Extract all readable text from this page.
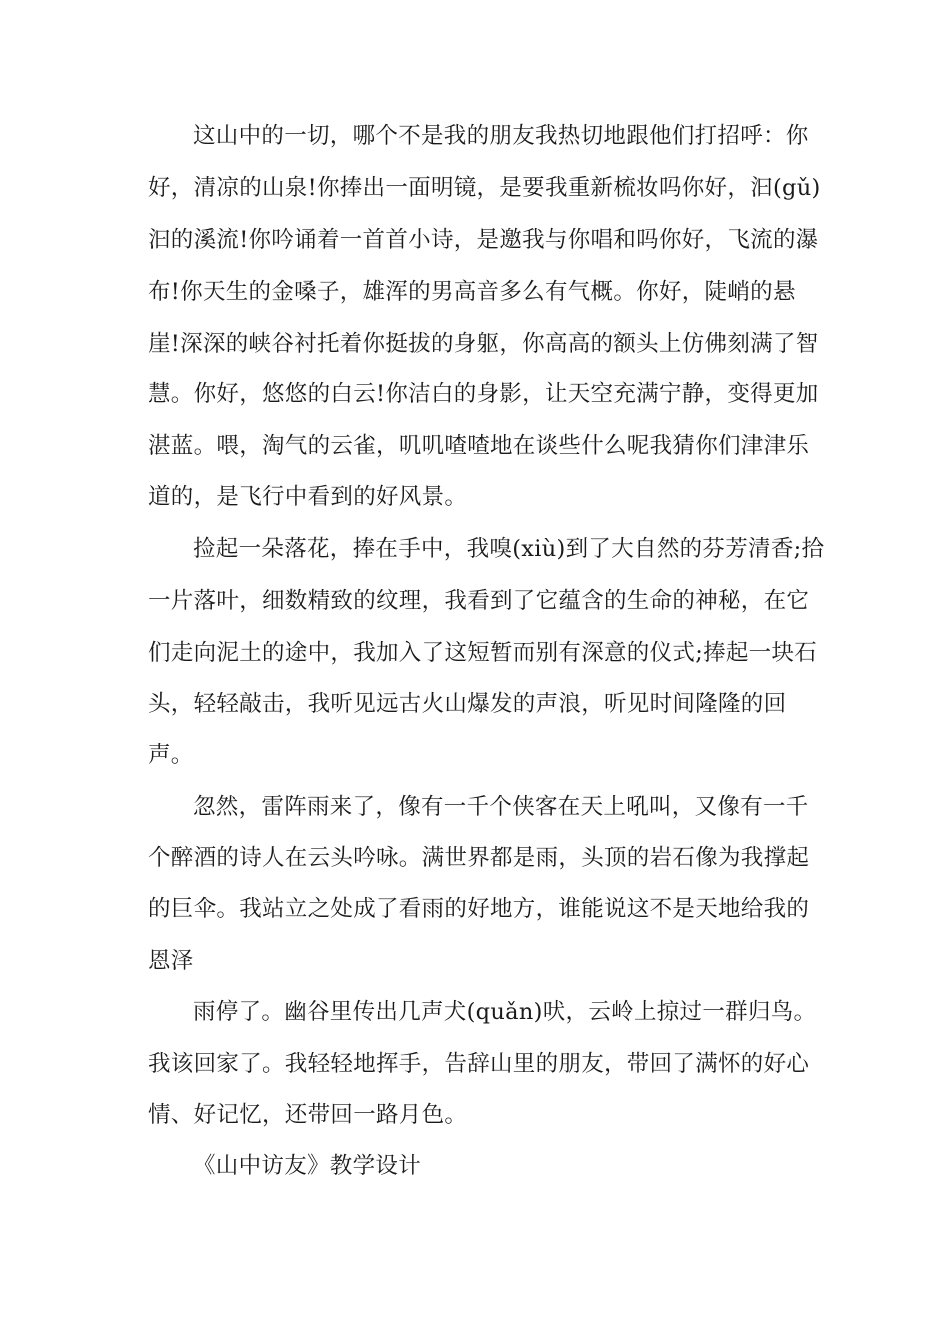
这山中的一切，哪个不是我的朋友我热切地跟他们打招呼：你
好，清凉的山泉!你捧出一面明镜，是要我重新梳妆吗你好，汩(gǔ)
汩的溪流!你吟诵着一首首小诗，是邀我与你唱和吗你好，飞流的瀑
布!你天生的金嗓子，雄浑的男高音多么有气概。你好，陡峭的悬
崖!深深的峡谷衬托着你挺拔的身躯，你高高的额头上仿佛刻满了智
慧。你好，悠悠的白云!你洁白的身影，让天空充满宁静，变得更加
湛蓝。喂，淘气的云雀，叽叽喳喳地在谈些什么呢我猜你们津津乐
道的，是飞行中看到的好风景。
捡起一朵落花，捧在手中，我嗅(xiù)到了大自然的芬芳清香;拾
一片落叶，细数精致的纹理，我看到了它蕴含的生命的神秘，在它
们走向泥土的途中，我加入了这短暂而别有深意的仪式;捧起一块石
头，轻轻敲击，我听见远古火山爆发的声浪，听见时间隆隆的回
声。
忽然，雷阵雨来了，像有一千个侠客在天上吼叫，又像有一千
个醉酒的诗人在云头吟咏。满世界都是雨，头顶的岩石像为我撑起
的巨伞。我站立之处成了看雨的好地方，谁能说这不是天地给我的
恩泽
雨停了。幽谷里传出几声犬(quǎn)吠，云岭上掠过一群归鸟。
我该回家了。我轻轻地挥手，告辞山里的朋友，带回了满怀的好心
情、好记忆，还带回一路月色。
《山中访友》教学设计
